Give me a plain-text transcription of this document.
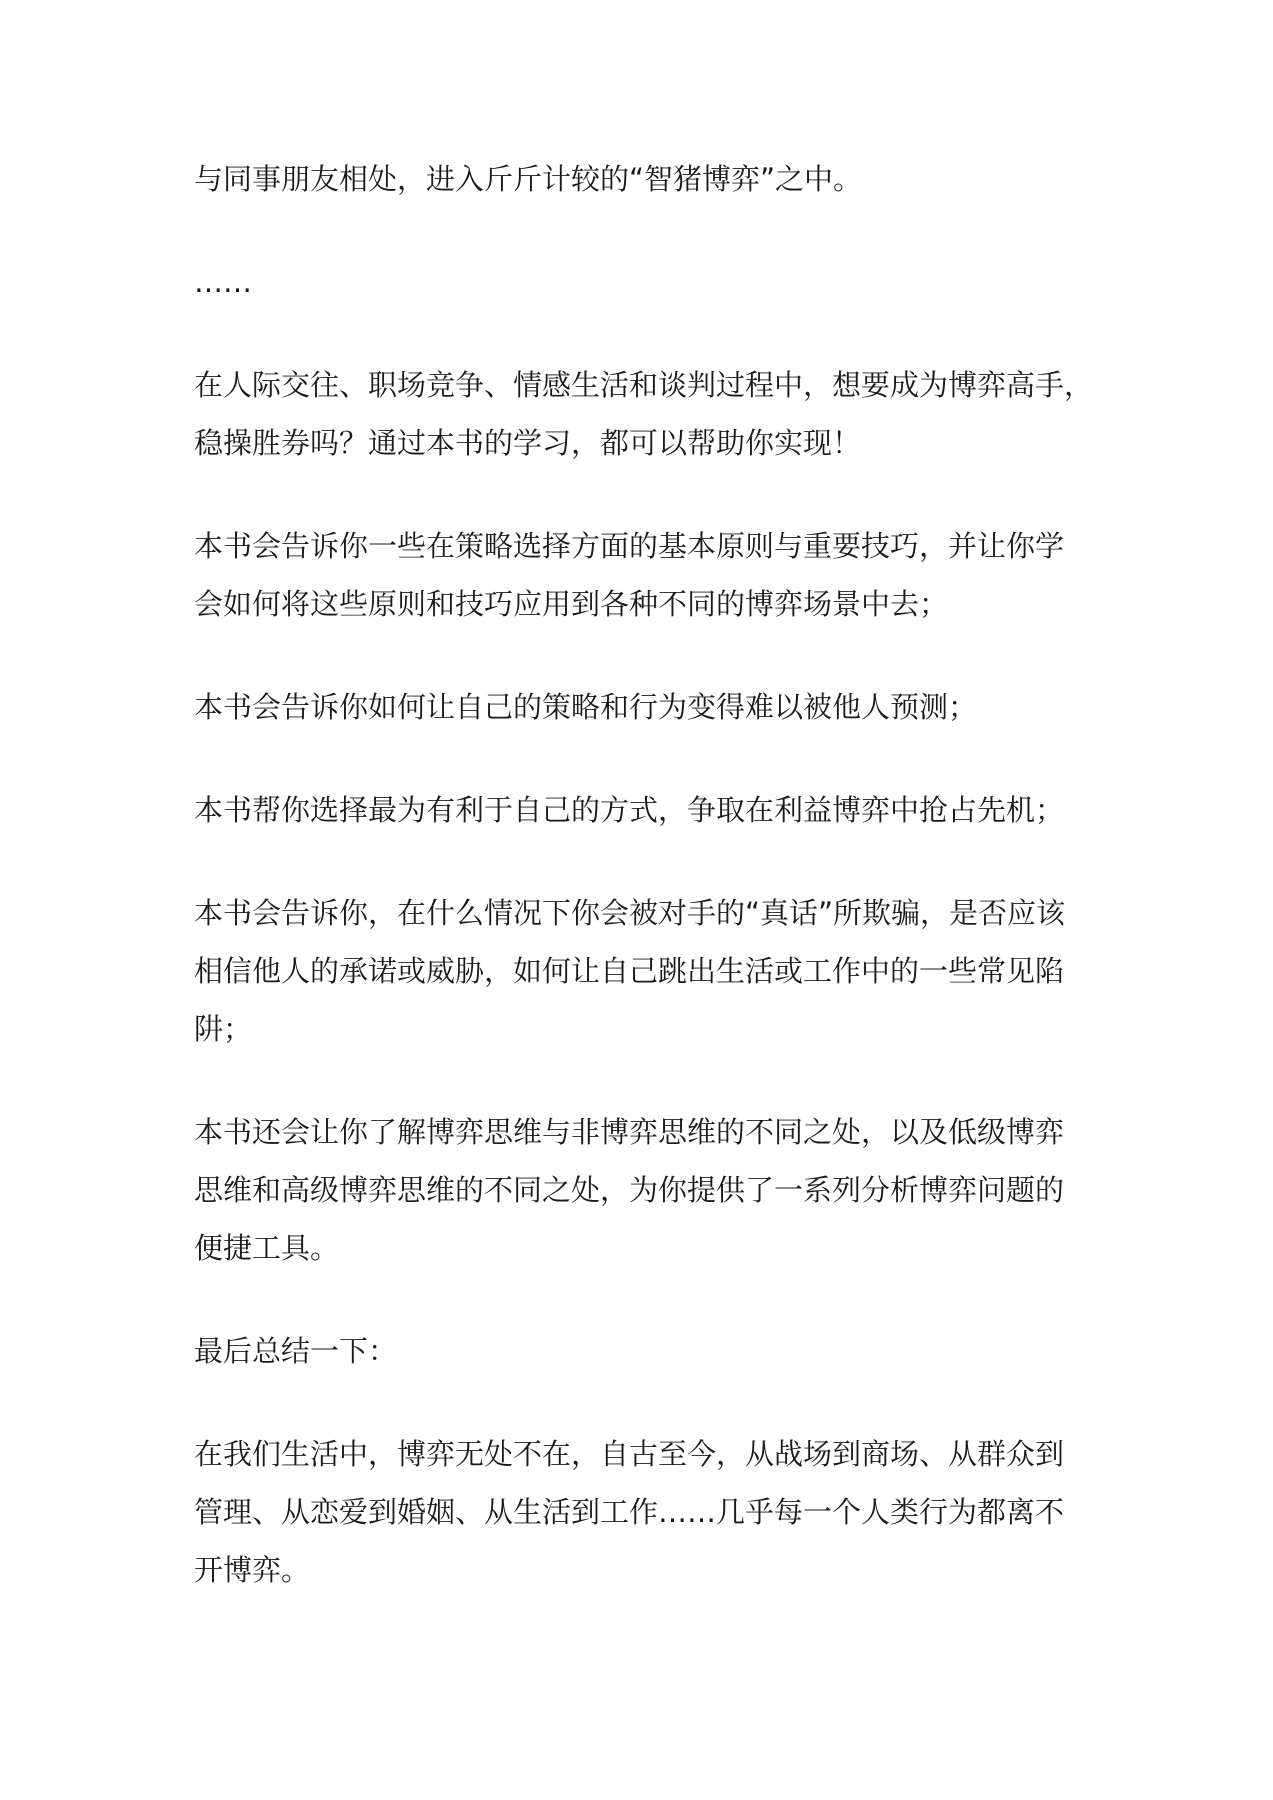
与同事朋友相处，进入斤斤计较的“智猪博弈”之中。
……
在人际交往、职场竞争、情感生活和谈判过程中，想要成为博弈高手，
稳操胜券吗？通过本书的学习，都可以帮助你实现！
本书会告诉你一些在策略选择方面的基本原则与重要技巧，并让你学
会如何将这些原则和技巧应用到各种不同的博弈场景中去；
本书会告诉你如何让自己的策略和行为变得难以被他人预测；
本书帮你选择最为有利于自己的方式，争取在利益博弈中抢占先机；
本书会告诉你，在什么情况下你会被对手的“真话”所欺骗，是否应该
相信他人的承诺或威胁，如何让自己跳出生活或工作中的一些常见陷
阱；
本书还会让你了解博弈思维与非博弈思维的不同之处，以及低级博弈
思维和高级博弈思维的不同之处，为你提供了一系列分析博弈问题的
便捷工具。
最后总结一下：
在我们生活中，博弈无处不在，自古至今，从战场到商场、从群众到
管理、从恋爱到婚姻、从生活到工作……几乎每一个人类行为都离不
开博弈。
